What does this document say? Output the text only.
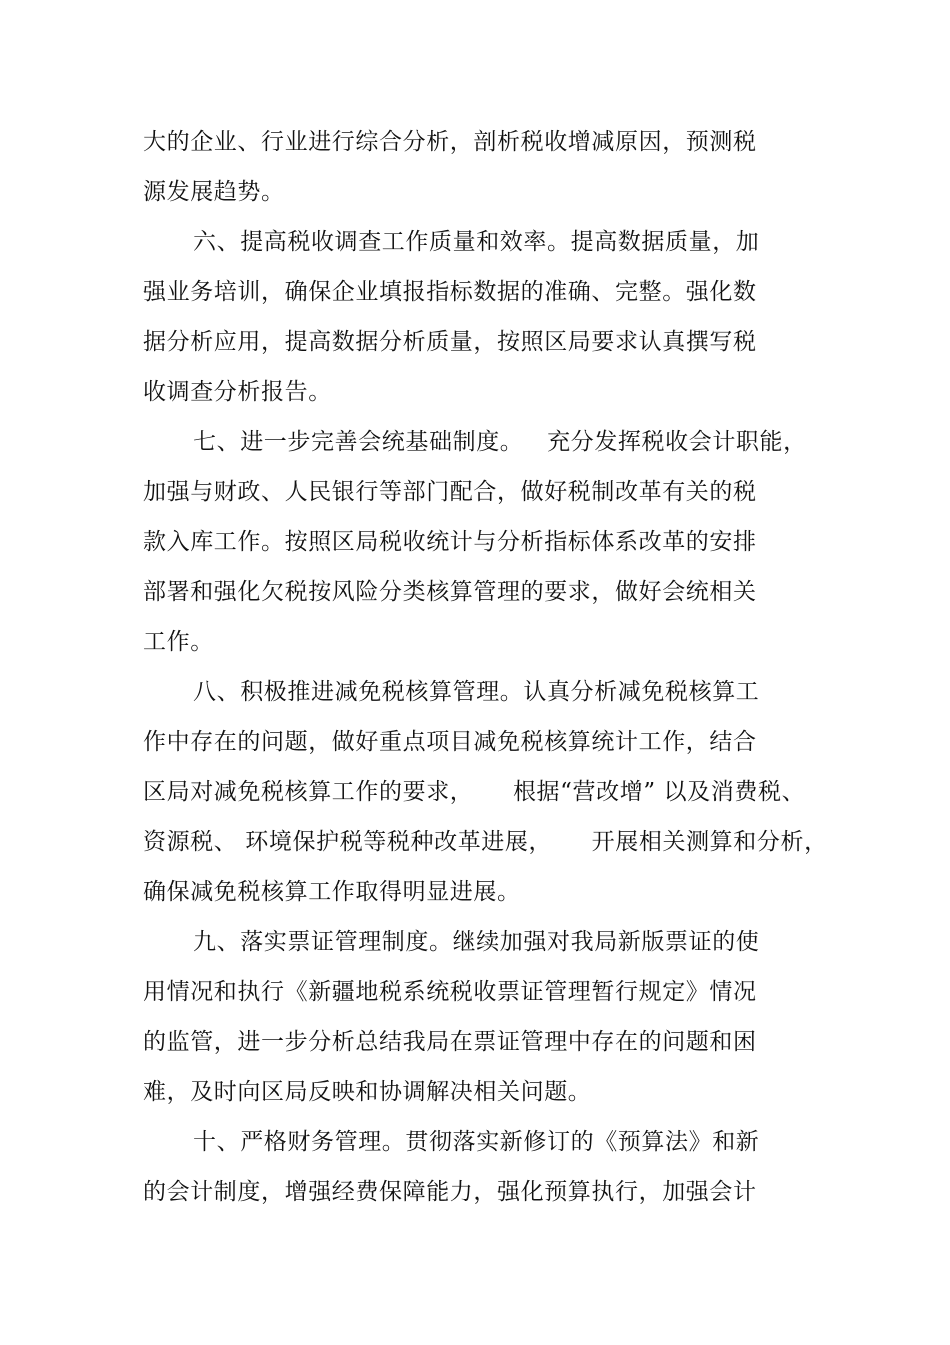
大的企业、行业进行综合分析，剖析税收增减原因，预测税
源发展趋势。
六、提高税收调查工作质量和效率。提高数据质量，加
强业务培训，确保企业填报指标数据的准确、完整。强化数
据分析应用，提高数据分析质量，按照区局要求认真撰写税
收调查分析报告。
七、进一步完善会统基础制度。   充分发挥税收会计职能，
加强与财政、人民银行等部门配合，做好税制改革有关的税
款入库工作。按照区局税收统计与分析指标体系改革的安排
部署和强化欠税按风险分类核算管理的要求，做好会统相关
工作。
八、积极推进减免税核算管理。认真分析减免税核算工
作中存在的问题，做好重点项目减免税核算统计工作，结合
区局对减免税核算工作的要求，     根据“营改增” 以及消费税、
资源税、 环境保护税等税种改革进展，     开展相关测算和分析，
确保减免税核算工作取得明显进展。
九、落实票证管理制度。继续加强对我局新版票证的使
用情况和执行《新疆地税系统税收票证管理暂行规定》情况
的监管，进一步分析总结我局在票证管理中存在的问题和困
难，及时向区局反映和协调解决相关问题。
十、严格财务管理。贯彻落实新修订的《预算法》和新
的会计制度，增强经费保障能力，强化预算执行，加强会计
